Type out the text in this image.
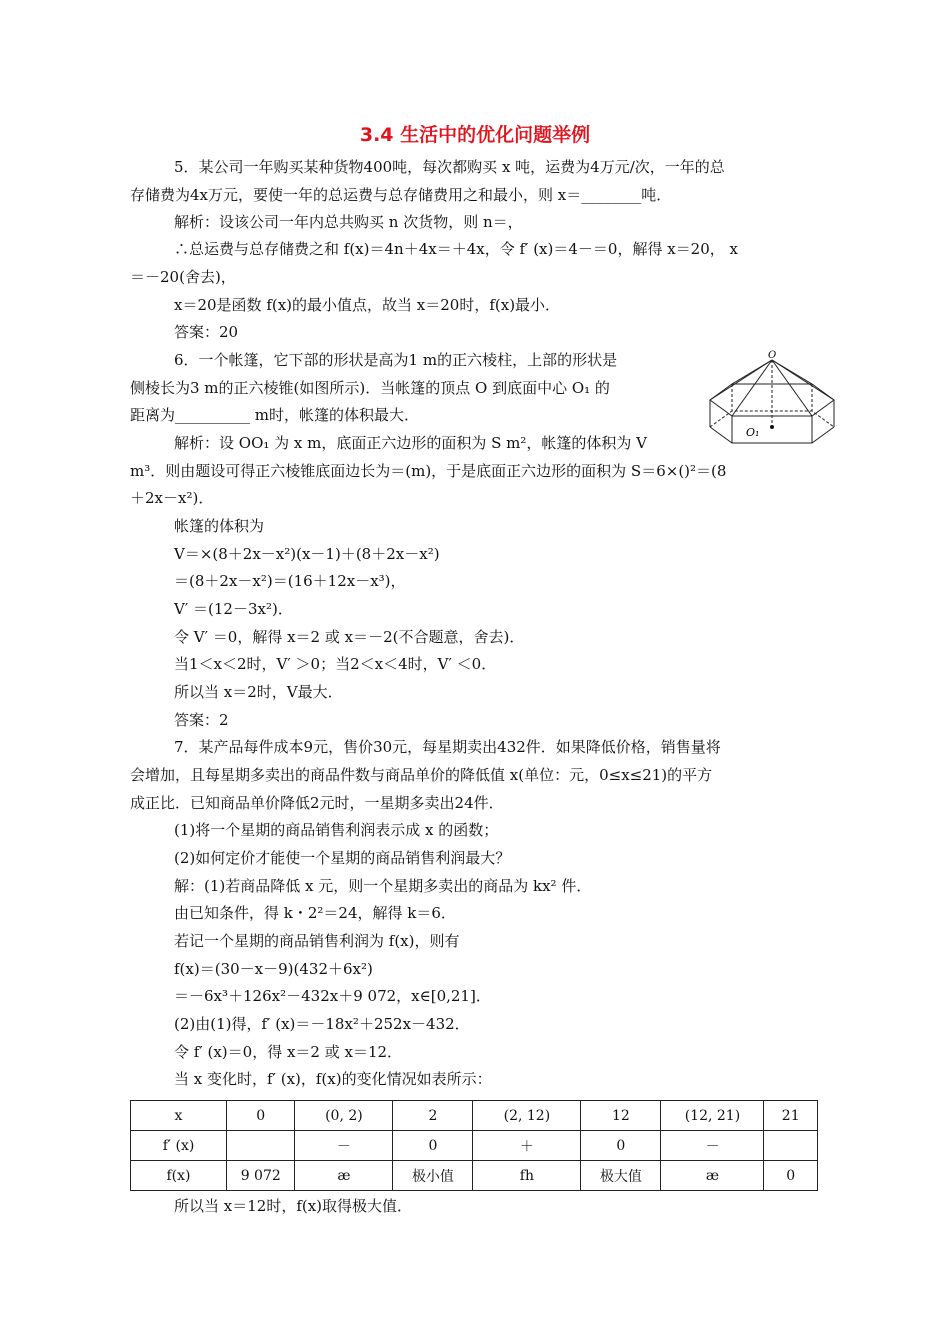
3.4 生活中的优化问题举例
5．某公司一年购买某种货物400吨，每次都购买 x 吨，运费为4万元/次，一年的总
存储费为4x万元，要使一年的总运费与总存储费用之和最小，则 x＝________吨．
解析：设该公司一年内总共购买 n 次货物，则 n＝，
∴总运费与总存储费之和 f(x)＝4n＋4x＝＋4x，令 f′ (x)＝4－＝0，解得 x＝20， x
＝－20(舍去)，
x＝20是函数 f(x)的最小值点，故当 x＝20时，f(x)最小．
答案：20
6．一个帐篷，它下部的形状是高为1 m的正六棱柱，上部的形状是
侧棱长为3 m的正六棱锥(如图所示)．当帐篷的顶点 O 到底面中心 O₁ 的
距离为__________ m时，帐篷的体积最大．
解析：设 OO₁ 为 x m，底面正六边形的面积为 S m²，帐篷的体积为 V
m³．则由题设可得正六棱锥底面边长为＝(m)，于是底面正六边形的面积为 S＝6×()²＝(8
＋2x－x²)．
帐篷的体积为
V＝×(8＋2x－x²)(x－1)＋(8＋2x－x²)
＝(8＋2x－x²)＝(16＋12x－x³)，
V′ ＝(12－3x²)．
令 V′ ＝0，解得 x＝2 或 x＝－2(不合题意，舍去)．
当1＜x＜2时，V′ ＞0；当2＜x＜4时，V′ ＜0．
所以当 x＝2时，V最大．
答案：2
7．某产品每件成本9元，售价30元，每星期卖出432件．如果降低价格，销售量将
会增加，且每星期多卖出的商品件数与商品单价的降低值 x(单位：元，0≤x≤21)的平方
成正比．已知商品单价降低2元时，一星期多卖出24件．
(1)将一个星期的商品销售利润表示成 x 的函数；
(2)如何定价才能使一个星期的商品销售利润最大？
解：(1)若商品降低 x 元，则一个星期多卖出的商品为 kx² 件．
由已知条件，得 k・2²＝24，解得 k＝6．
若记一个星期的商品销售利润为 f(x)，则有
f(x)＝(30－x－9)(432＋6x²)
＝－6x³＋126x²－432x＋9 072，x∈[0,21]．
(2)由(1)得，f′ (x)＝－18x²＋252x－432．
令 f′ (x)＝0，得 x＝2 或 x＝12．
当 x 变化时，f′ (x)，f(x)的变化情况如表所示：
O
O₁
x	0	(0, 2)	2	(2, 12)	12	(12, 21)	21
f′ (x)		－	0	＋	0	－	
f(x)	9 072	æ	极小值	fh	极大值	æ	0
所以当 x＝12时，f(x)取得极大值．
